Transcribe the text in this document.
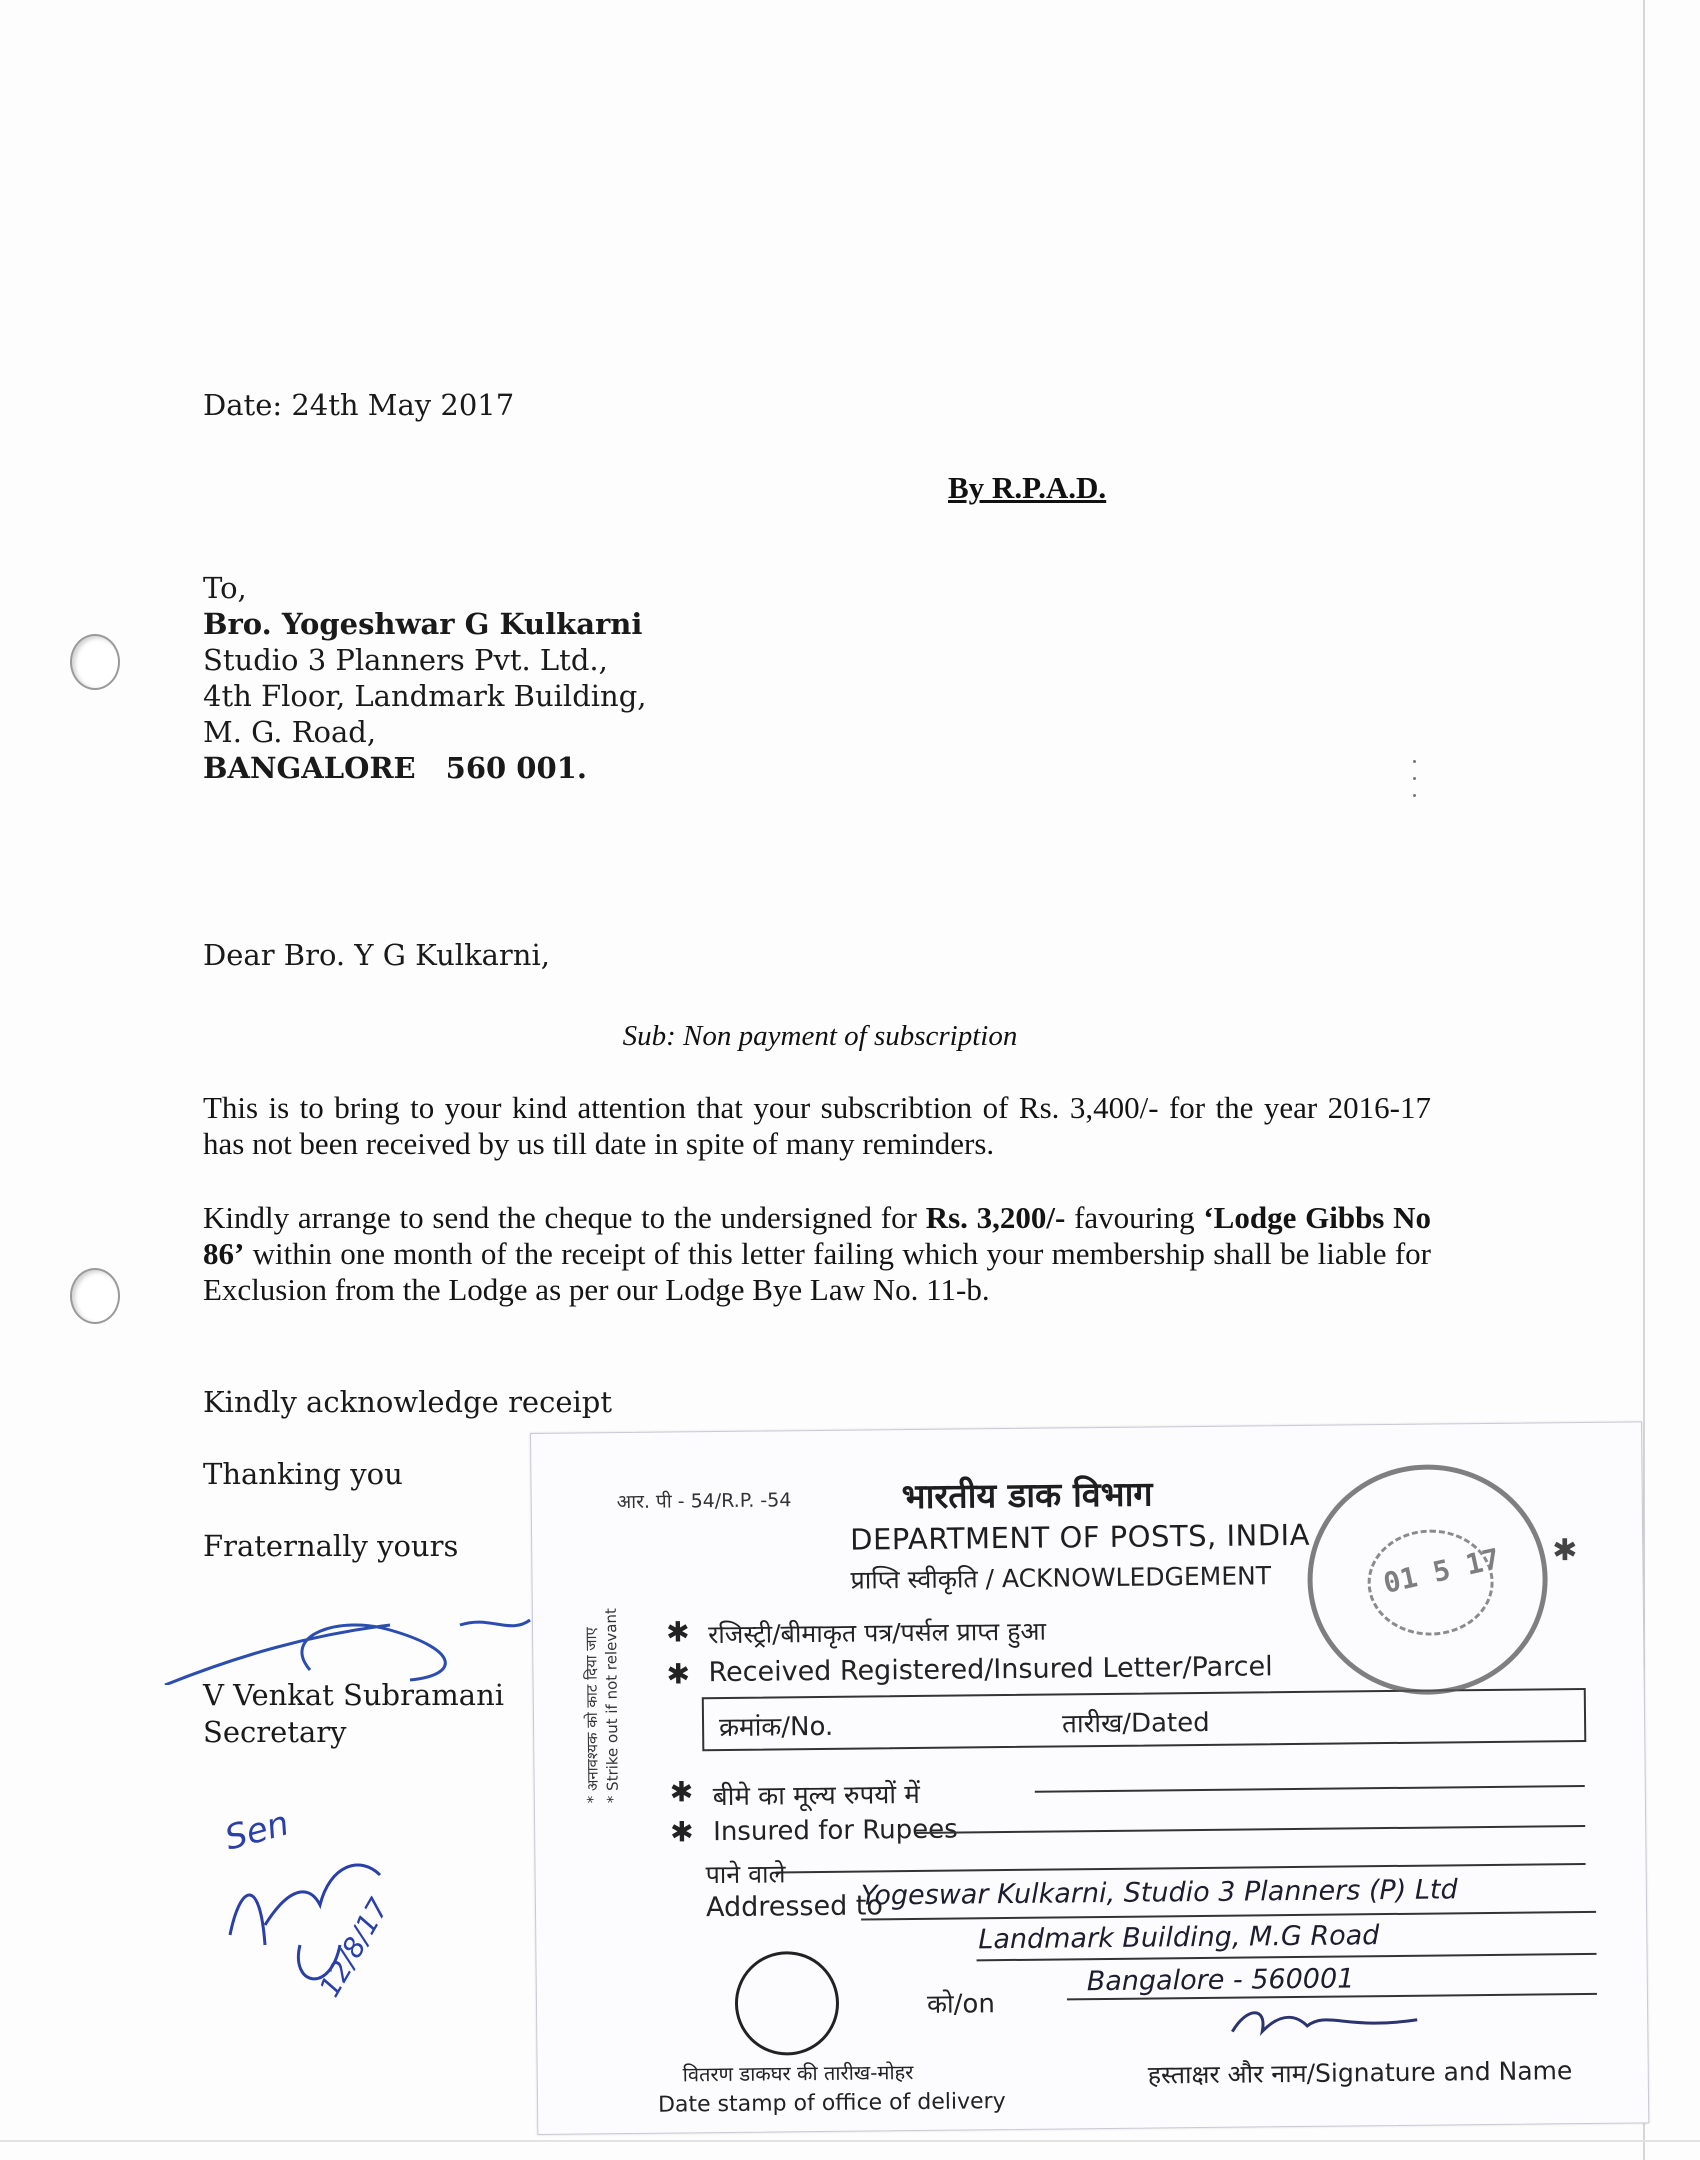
Date: 24th May 2017
By R.P.A.D.
To,
Bro. Yogeshwar G Kulkarni
Studio 3 Planners Pvt. Ltd.,
4th Floor, Landmark Building,
M. G. Road,
BANGALORE 560 001.
Dear Bro. Y G Kulkarni,
Sub: Non payment of subscription
This is to bring to your kind attention that your subscribtion of Rs. 3,400/- for the year 2016-17 has not been received by us till date in spite of many reminders.
Kindly arrange to send the cheque to the undersigned for Rs. 3,200/- favouring ‘Lodge Gibbs No 86’ within one month of the receipt of this letter failing which your membership shall be liable for Exclusion from the Lodge as per our Lodge Bye Law No. 11-b.
Kindly acknowledge receipt
Thanking you
Fraternally yours
V Venkat Subramani
Secretary
Sen
12/8/17
आर. पी - 54/R.P. -54	भारतीय डाक विभाग
DEPARTMENT OF POSTS, INDIA
प्राप्ति स्वीकृति / ACKNOWLEDGEMENT
* अनावश्यक को काट दिया जाए * Strike out if not relevant ✱ रजिस्ट्री/बीमाकृत पत्र/पर्सल प्राप्त हुआ
✱ Received Registered/Insured Letter/Parcel
क्रमांक/No.	तारीख/Dated
✱ बीमे का मूल्य रुपयों में
✱ Insured for Rupees
पाने वाले
Addressed to
Yogeswar Kulkarni, Studio 3 Planners (P) Ltd
Landmark Building, M.G Road
Bangalore - 560001
को/on
वितरण डाकघर की तारीख-मोहर
Date stamp of office of delivery
हस्ताक्षर और नाम/Signature and Name
01 5 17 ✱
